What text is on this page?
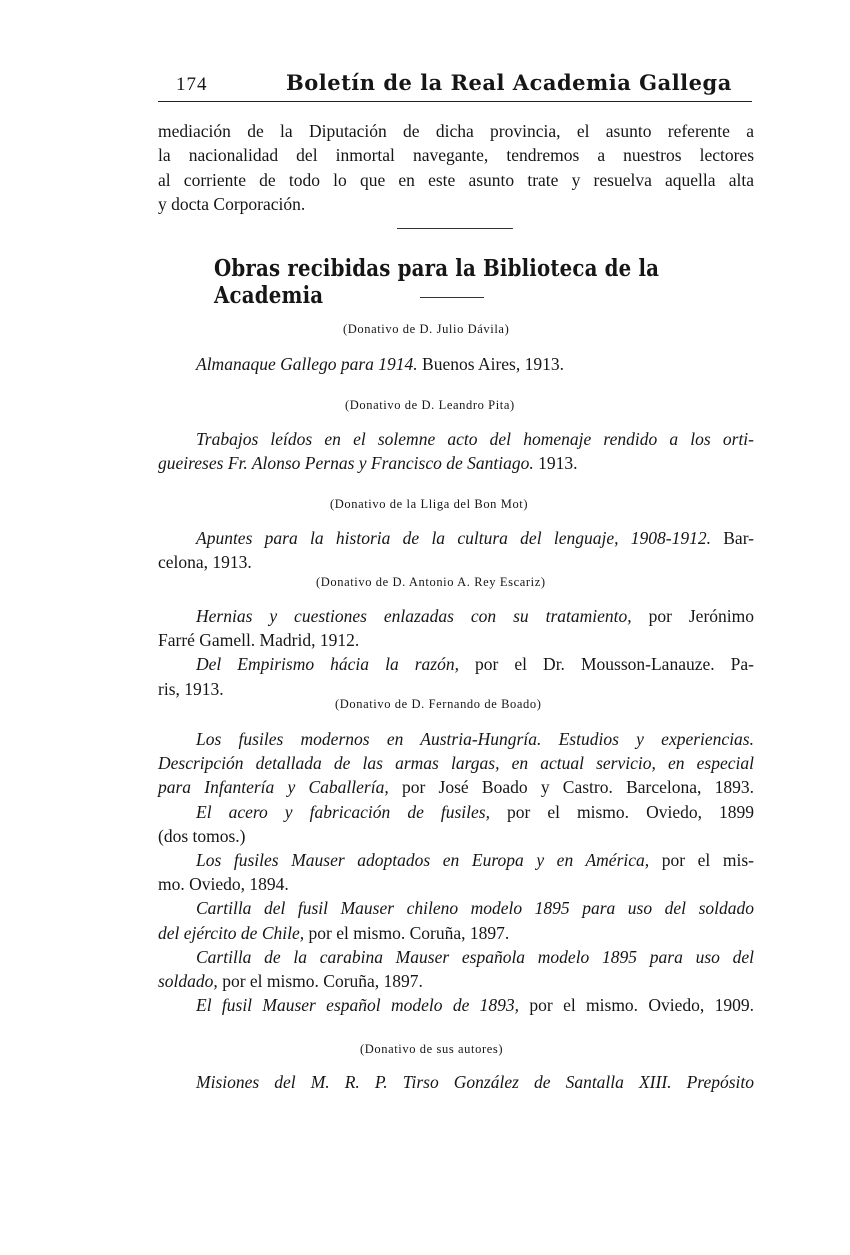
174	Boletín de la Real Academia Gallega
mediación de la Diputación de dicha provincia, el asunto referente a
la nacionalidad del inmortal navegante, tendremos a nuestros lectores
al corriente de todo lo que en este asunto trate y resuelva aquella alta
y docta Corporación.
Obras recibidas para la Biblioteca de la Academia
(Donativo de D. Julio Dávila)
Almanaque Gallego para 1914. Buenos Aires, 1913.
(Donativo de D. Leandro Pita)
Trabajos leídos en el solemne acto del homenaje rendido a los orti-
gueireses Fr. Alonso Pernas y Francisco de Santiago. 1913.
(Donativo de la Lliga del Bon Mot)
Apuntes para la historia de la cultura del lenguaje, 1908-1912. Bar-
celona, 1913.
(Donativo de D. Antonio A. Rey Escariz)
Hernias y cuestiones enlazadas con su tratamiento, por Jerónimo
Farré Gamell. Madrid, 1912.
Del Empirismo hácia la razón, por el Dr. Mousson-Lanauze. Pa-
ris, 1913.
(Donativo de D. Fernando de Boado)
Los fusiles modernos en Austria-Hungría. Estudios y experiencias.
Descripción detallada de las armas largas, en actual servicio, en especial
para Infantería y Caballería, por José Boado y Castro. Barcelona, 1893.
El acero y fabricación de fusiles, por el mismo. Oviedo, 1899
(dos tomos.)
Los fusiles Mauser adoptados en Europa y en América, por el mis-
mo. Oviedo, 1894.
Cartilla del fusil Mauser chileno modelo 1895 para uso del soldado
del ejército de Chile, por el mismo. Coruña, 1897.
Cartilla de la carabina Mauser española modelo 1895 para uso del
soldado, por el mismo. Coruña, 1897.
El fusil Mauser español modelo de 1893, por el mismo. Oviedo, 1909.
(Donativo de sus autores)
Misiones del M. R. P. Tirso González de Santalla XIII. Prepósito
